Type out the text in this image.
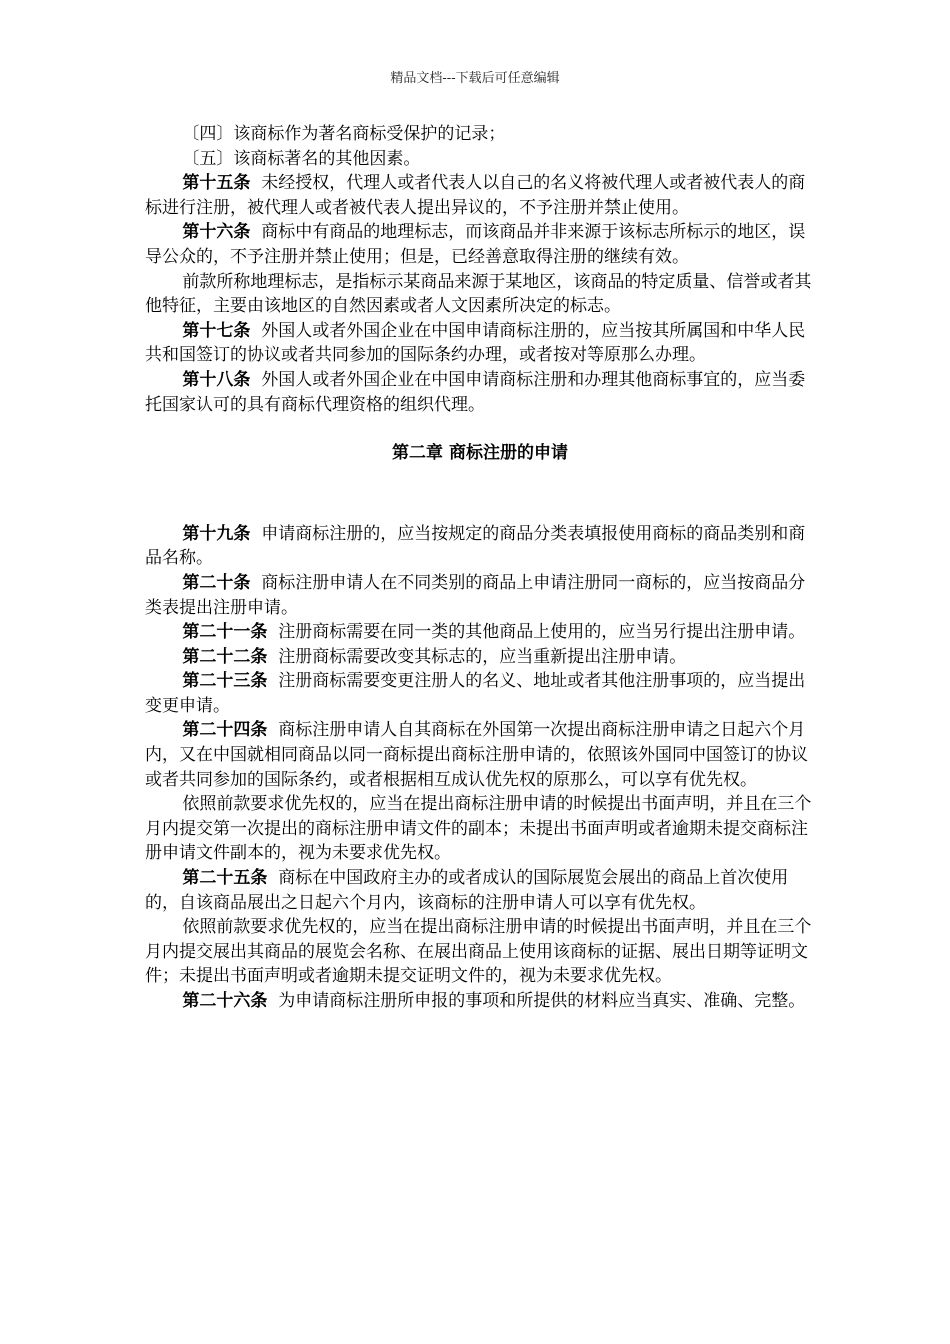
精品文档---下载后可任意编辑

〔四〕该商标作为著名商标受保护的记录；

〔五〕该商标著名的其他因素。

第十五条 未经授权，代理人或者代表人以自己的名义将被代理人或者被代表人的商标进行注册，被代理人或者被代表人提出异议的，不予注册并禁止使用。

第十六条 商标中有商品的地理标志，而该商品并非来源于该标志所标示的地区，误导公众的，不予注册并禁止使用；但是，已经善意取得注册的继续有效。

前款所称地理标志，是指标示某商品来源于某地区，该商品的特定质量、信誉或者其他特征，主要由该地区的自然因素或者人文因素所决定的标志。

第十七条 外国人或者外国企业在中国申请商标注册的，应当按其所属国和中华人民共和国签订的协议或者共同参加的国际条约办理，或者按对等原那么办理。

第十八条 外国人或者外国企业在中国申请商标注册和办理其他商标事宜的，应当委托国家认可的具有商标代理资格的组织代理。

第二章 商标注册的申请

第十九条 申请商标注册的，应当按规定的商品分类表填报使用商标的商品类别和商品名称。

第二十条 商标注册申请人在不同类别的商品上申请注册同一商标的，应当按商品分类表提出注册申请。

第二十一条 注册商标需要在同一类的其他商品上使用的，应当另行提出注册申请。

第二十二条 注册商标需要改变其标志的，应当重新提出注册申请。

第二十三条 注册商标需要变更注册人的名义、地址或者其他注册事项的，应当提出变更申请。

第二十四条 商标注册申请人自其商标在外国第一次提出商标注册申请之日起六个月内，又在中国就相同商品以同一商标提出商标注册申请的，依照该外国同中国签订的协议或者共同参加的国际条约，或者根据相互成认优先权的原那么，可以享有优先权。

依照前款要求优先权的，应当在提出商标注册申请的时候提出书面声明，并且在三个月内提交第一次提出的商标注册申请文件的副本；未提出书面声明或者逾期未提交商标注册申请文件副本的，视为未要求优先权。

第二十五条 商标在中国政府主办的或者成认的国际展览会展出的商品上首次使用的，自该商品展出之日起六个月内，该商标的注册申请人可以享有优先权。

依照前款要求优先权的，应当在提出商标注册申请的时候提出书面声明，并且在三个月内提交展出其商品的展览会名称、在展出商品上使用该商标的证据、展出日期等证明文件；未提出书面声明或者逾期未提交证明文件的，视为未要求优先权。

第二十六条 为申请商标注册所申报的事项和所提供的材料应当真实、准确、完整。
